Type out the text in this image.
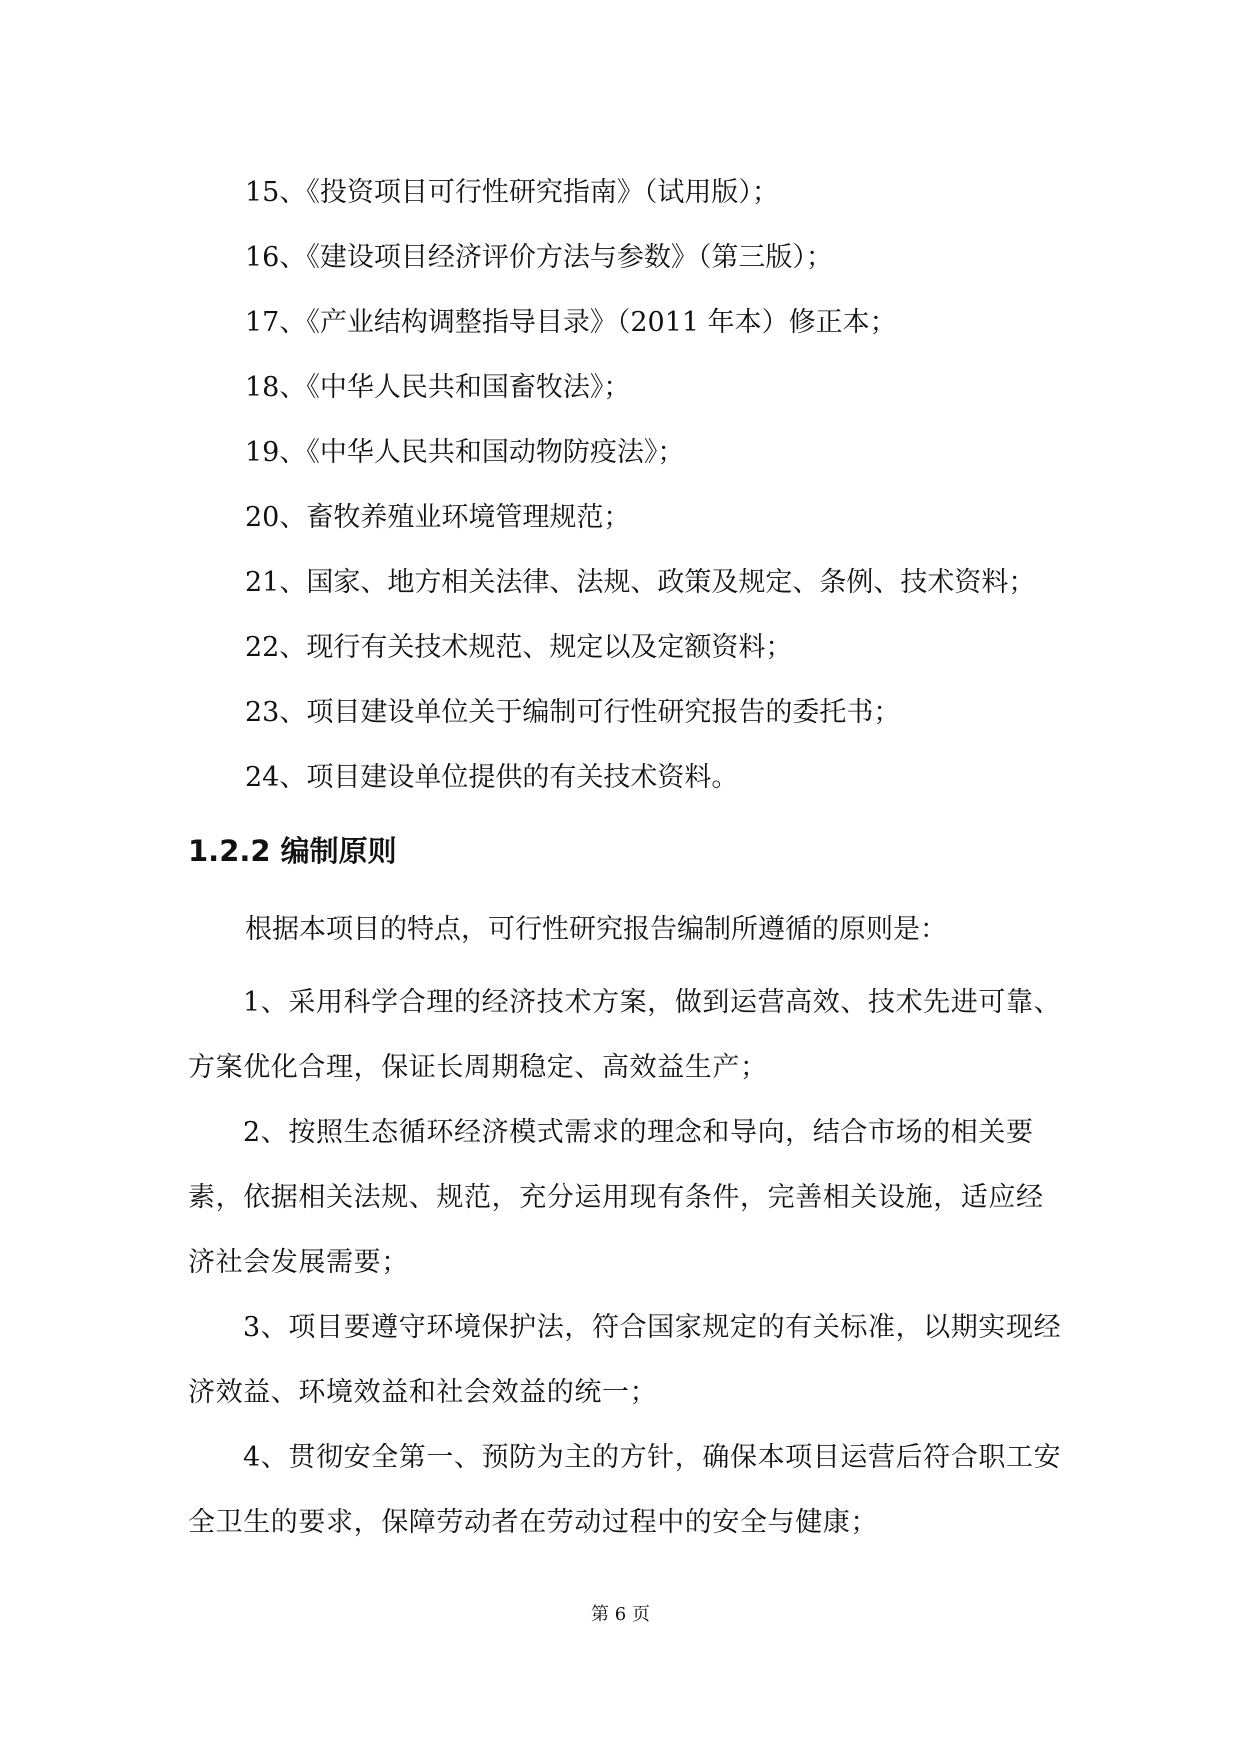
15、《投资项目可行性研究指南》（试用版）；
16、《建设项目经济评价方法与参数》（第三版）；
17、《产业结构调整指导目录》（2011 年本）修正本；
18、《中华人民共和国畜牧法》；
19、《中华人民共和国动物防疫法》；
20、畜牧养殖业环境管理规范；
21、国家、地方相关法律、法规、政策及规定、条例、技术资料；
22、现行有关技术规范、规定以及定额资料；
23、项目建设单位关于编制可行性研究报告的委托书；
24、项目建设单位提供的有关技术资料。
1.2.2 编制原则

根据本项目的特点，可行性研究报告编制所遵循的原则是：

1、采用科学合理的经济技术方案，做到运营高效、技术先进可靠、方案优化合理，保证长周期稳定、高效益生产；

2、按照生态循环经济模式需求的理念和导向，结合市场的相关要素，依据相关法规、规范，充分运用现有条件，完善相关设施，适应经济社会发展需要；

3、项目要遵守环境保护法，符合国家规定的有关标准，以期实现经济效益、环境效益和社会效益的统一；

4、贯彻安全第一、预防为主的方针，确保本项目运营后符合职工安全卫生的要求，保障劳动者在劳动过程中的安全与健康；

第 6 页
